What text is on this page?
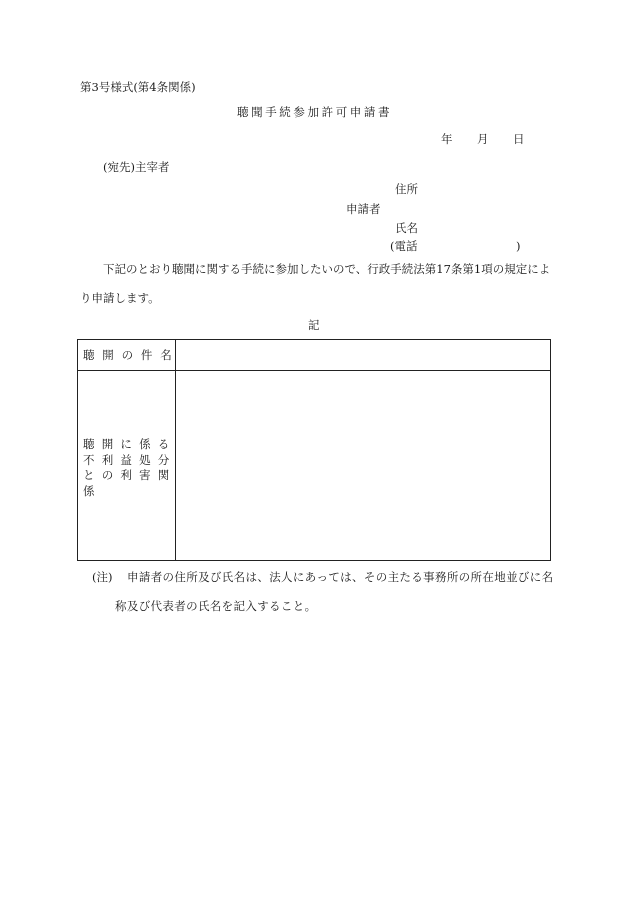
第3号様式(第4条関係)
聴聞手続参加許可申請書
年 月 日
(宛先)主宰者
住所
申請者
氏名
(電話	)
下記のとおり聴聞に関する手続に参加したいので、行政手続法第17条第1項の規定によ
り申請します。
記
聴開の件名
聴開に係る不利益処分との利害関係
(注) 申請者の住所及び氏名は、法人にあっては、その主たる事務所の所在地並びに名
称及び代表者の氏名を記入すること。
